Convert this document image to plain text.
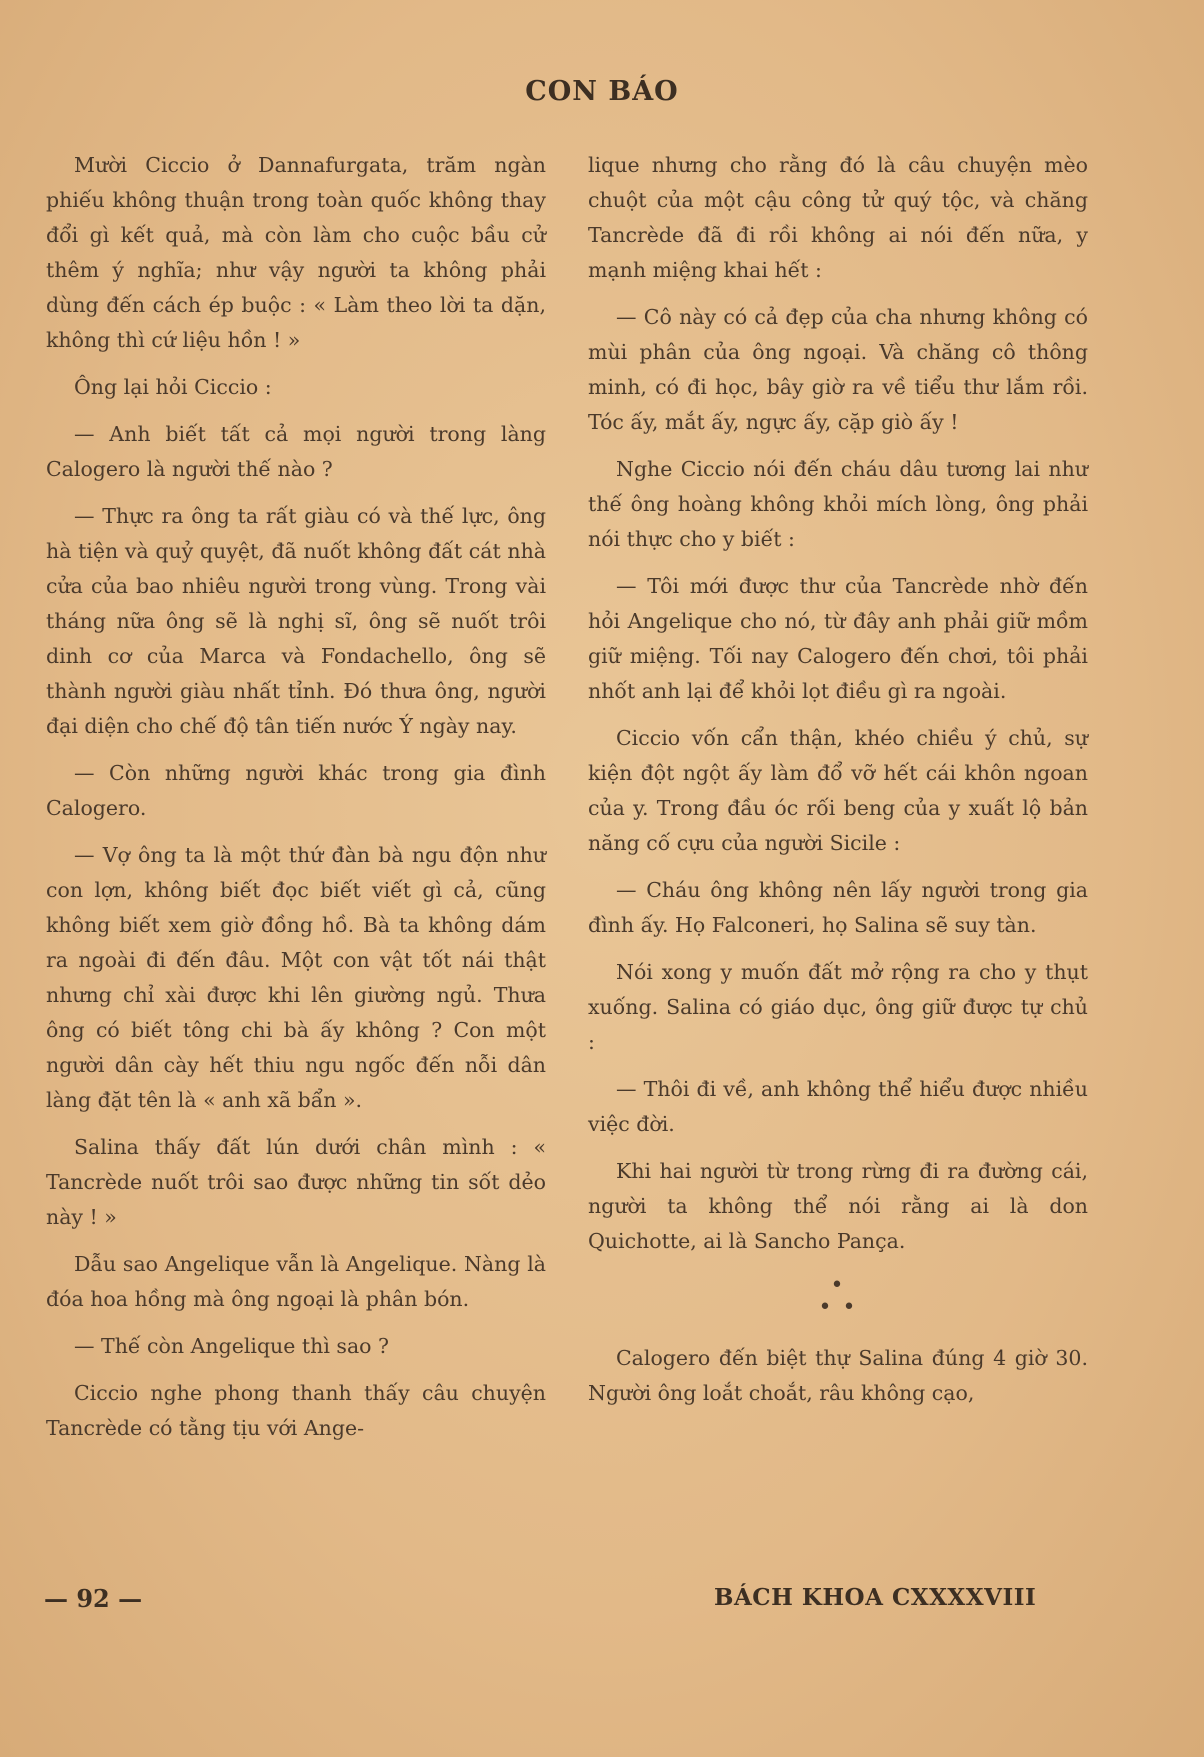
CON BÁO

Mười Ciccio ở Dannafurgata, trăm ngàn phiếu không thuận trong toàn quốc không thay đổi gì kết quả, mà còn làm cho cuộc bầu cử thêm ý nghĩa; như vậy người ta không phải dùng đến cách ép buộc : « Làm theo lời ta dặn, không thì cứ liệu hồn ! »

Ông lại hỏi Ciccio :

— Anh biết tất cả mọi người trong làng Calogero là người thế nào ?

— Thực ra ông ta rất giàu có và thế lực, ông hà tiện và quỷ quyệt, đã nuốt không đất cát nhà cửa của bao nhiêu người trong vùng. Trong vài tháng nữa ông sẽ là nghị sĩ, ông sẽ nuốt trôi dinh cơ của Marca và Fondachello, ông sẽ thành người giàu nhất tỉnh. Đó thưa ông, người đại diện cho chế độ tân tiến nước Ý ngày nay.

— Còn những người khác trong gia đình Calogero.

— Vợ ông ta là một thứ đàn bà ngu độn như con lợn, không biết đọc biết viết gì cả, cũng không biết xem giờ đồng hồ. Bà ta không dám ra ngoài đi đến đâu. Một con vật tốt nái thật nhưng chỉ xài được khi lên giường ngủ. Thưa ông có biết tông chi bà ấy không ? Con một người dân cày hết thiu ngu ngốc đến nỗi dân làng đặt tên là « anh xã bẩn ».

Salina thấy đất lún dưới chân mình : « Tancrède nuốt trôi sao được những tin sốt dẻo này ! »

Dẫu sao Angelique vẫn là Angelique. Nàng là đóa hoa hồng mà ông ngoại là phân bón.

— Thế còn Angelique thì sao ?

Ciccio nghe phong thanh thấy câu chuyện Tancrède có tằng tịu với Ange-

lique nhưng cho rằng đó là câu chuyện mèo chuột của một cậu công tử quý tộc, và chăng Tancrède đã đi rồi không ai nói đến nữa, y mạnh miệng khai hết :

— Cô này có cả đẹp của cha nhưng không có mùi phân của ông ngoại. Và chăng cô thông minh, có đi học, bây giờ ra về tiểu thư lắm rồi. Tóc ấy, mắt ấy, ngực ấy, cặp giò ấy !

Nghe Ciccio nói đến cháu dâu tương lai như thế ông hoàng không khỏi mích lòng, ông phải nói thực cho y biết :

— Tôi mới được thư của Tancrède nhờ đến hỏi Angelique cho nó, từ đây anh phải giữ mồm giữ miệng. Tối nay Calogero đến chơi, tôi phải nhốt anh lại để khỏi lọt điều gì ra ngoài.

Ciccio vốn cẩn thận, khéo chiều ý chủ, sự kiện đột ngột ấy làm đổ vỡ hết cái khôn ngoan của y. Trong đầu óc rối beng của y xuất lộ bản năng cố cựu của người Sicile :

— Cháu ông không nên lấy người trong gia đình ấy. Họ Falconeri, họ Salina sẽ suy tàn.

Nói xong y muốn đất mở rộng ra cho y thụt xuống. Salina có giáo dục, ông giữ được tự chủ :

— Thôi đi về, anh không thể hiểu được nhiều việc đời.

Khi hai người từ trong rừng đi ra đường cái, người ta không thể nói rằng ai là don Quichotte, ai là Sancho Pança.

•
• •

Calogero đến biệt thự Salina đúng 4 giờ 30. Người ông loắt choắt, râu không cạo,

— 92 —	BÁCH KHOA CXXXXVIII
